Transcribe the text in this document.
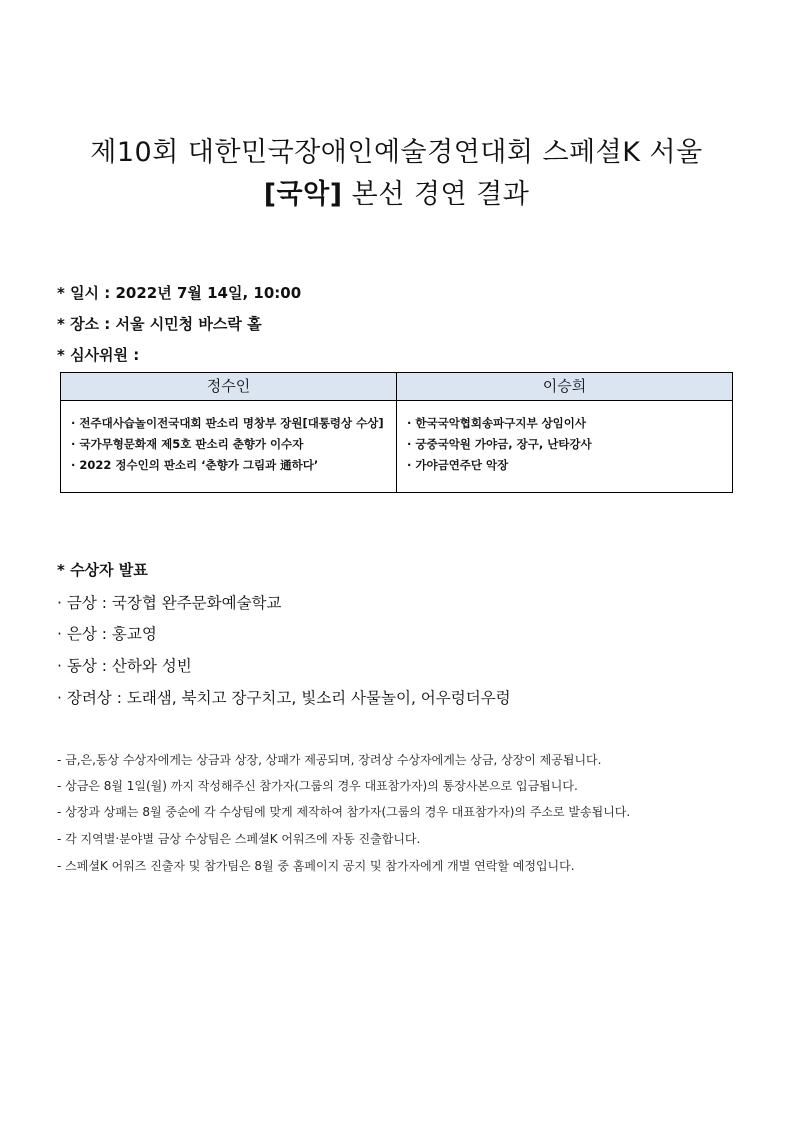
제10회 대한민국장애인예술경연대회 스페셜K 서울
[국악] 본선 경연 결과
* 일시 : 2022년 7월 14일, 10:00
* 장소 : 서울 시민청 바스락 홀
* 심사위원 :
정수인	이승희
· 전주대사습놀이전국대회 판소리 명창부 장원[대통령상 수상]
· 국가무형문화재 제5호 판소리 춘향가 이수자
· 2022 정수인의 판소리 ‘춘향가 그림과 通하다’
· 한국국악협회송파구지부 상임이사
· 궁중국악원 가야금, 장구, 난타강사
· 가야금연주단 악장
* 수상자 발표
· 금상 : 국장협 완주문화예술학교
· 은상 : 홍교영
· 동상 : 산하와 성빈
· 장려상 : 도래샘, 북치고 장구치고, 빛소리 사물놀이, 어우렁더우렁
- 금,은,동상 수상자에게는 상금과 상장, 상패가 제공되며, 장려상 수상자에게는 상금, 상장이 제공됩니다.
- 상금은 8월 1일(월) 까지 작성해주신 참가자(그룹의 경우 대표참가자)의 통장사본으로 입금됩니다.
- 상장과 상패는 8월 중순에 각 수상팀에 맞게 제작하여 참가자(그룹의 경우 대표참가자)의 주소로 발송됩니다.
- 각 지역별‧분야별 금상 수상팀은 스페셜K 어워즈에 자동 진출합니다.
- 스페셜K 어워즈 진출자 및 참가팀은 8월 중 홈페이지 공지 및 참가자에게 개별 연락할 예정입니다.
